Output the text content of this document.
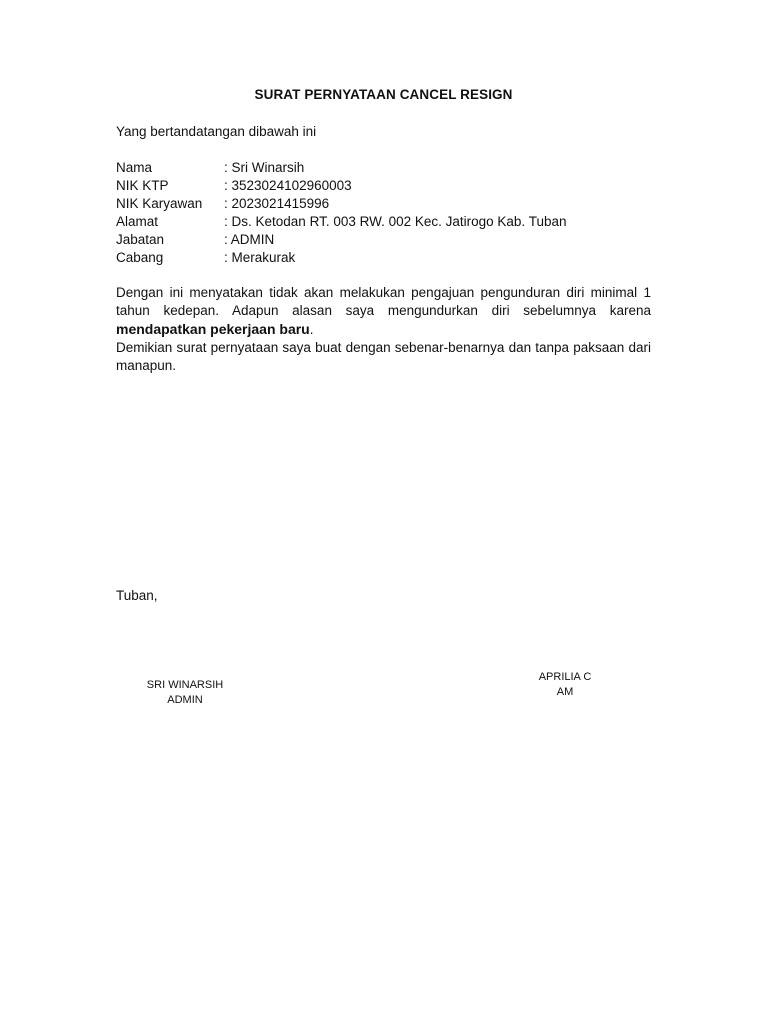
SURAT PERNYATAAN CANCEL RESIGN
Yang bertandatangan dibawah ini
Nama	: Sri Winarsih
NIK KTP	: 3523024102960003
NIK Karyawan	: 2023021415996
Alamat	: Ds. Ketodan RT. 003 RW. 002 Kec. Jatirogo Kab. Tuban
Jabatan	: ADMIN
Cabang	: Merakurak

Dengan ini menyatakan tidak akan melakukan pengajuan pengunduran diri minimal 1 tahun kedepan. Adapun alasan saya mengundurkan diri sebelumnya karena mendapatkan pekerjaan baru.

Demikian surat pernyataan saya buat dengan sebenar-benarnya dan tanpa paksaan dari manapun.

Tuban,
SRI WINARSIH
ADMIN
APRILIA C
AM
